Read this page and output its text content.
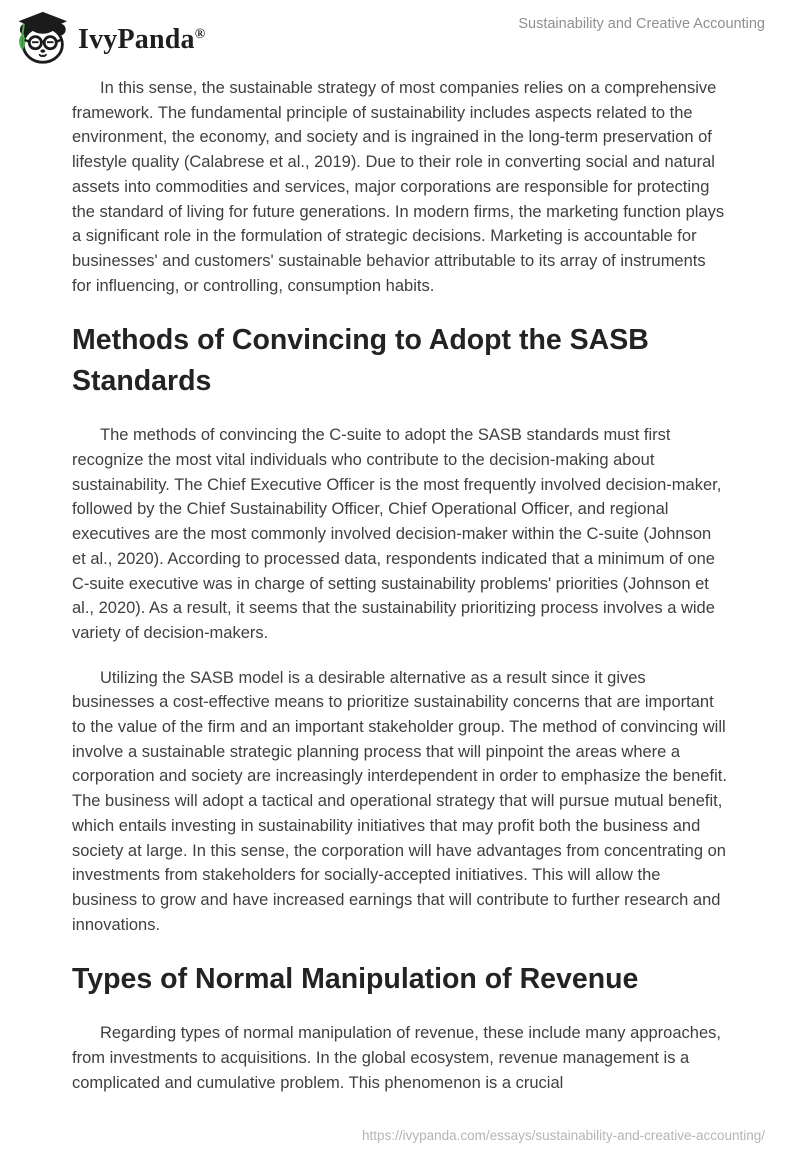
IvyPanda®
Sustainability and Creative Accounting

In this sense, the sustainable strategy of most companies relies on a comprehensive framework. The fundamental principle of sustainability includes aspects related to the environment, the economy, and society and is ingrained in the long-term preservation of lifestyle quality (Calabrese et al., 2019). Due to their role in converting social and natural assets into commodities and services, major corporations are responsible for protecting the standard of living for future generations. In modern firms, the marketing function plays a significant role in the formulation of strategic decisions. Marketing is accountable for businesses' and customers' sustainable behavior attributable to its array of instruments for influencing, or controlling, consumption habits.

Methods of Convincing to Adopt the SASB Standards

The methods of convincing the C-suite to adopt the SASB standards must first recognize the most vital individuals who contribute to the decision-making about sustainability. The Chief Executive Officer is the most frequently involved decision-maker, followed by the Chief Sustainability Officer, Chief Operational Officer, and regional executives are the most commonly involved decision-maker within the C-suite (Johnson et al., 2020). According to processed data, respondents indicated that a minimum of one C-suite executive was in charge of setting sustainability problems' priorities (Johnson et al., 2020). As a result, it seems that the sustainability prioritizing process involves a wide variety of decision-makers.

Utilizing the SASB model is a desirable alternative as a result since it gives businesses a cost-effective means to prioritize sustainability concerns that are important to the value of the firm and an important stakeholder group. The method of convincing will involve a sustainable strategic planning process that will pinpoint the areas where a corporation and society are increasingly interdependent in order to emphasize the benefit. The business will adopt a tactical and operational strategy that will pursue mutual benefit, which entails investing in sustainability initiatives that may profit both the business and society at large. In this sense, the corporation will have advantages from concentrating on investments from stakeholders for socially-accepted initiatives. This will allow the business to grow and have increased earnings that will contribute to further research and innovations.

Types of Normal Manipulation of Revenue

Regarding types of normal manipulation of revenue, these include many approaches, from investments to acquisitions. In the global ecosystem, revenue management is a complicated and cumulative problem. This phenomenon is a crucial

https://ivypanda.com/essays/sustainability-and-creative-accounting/
